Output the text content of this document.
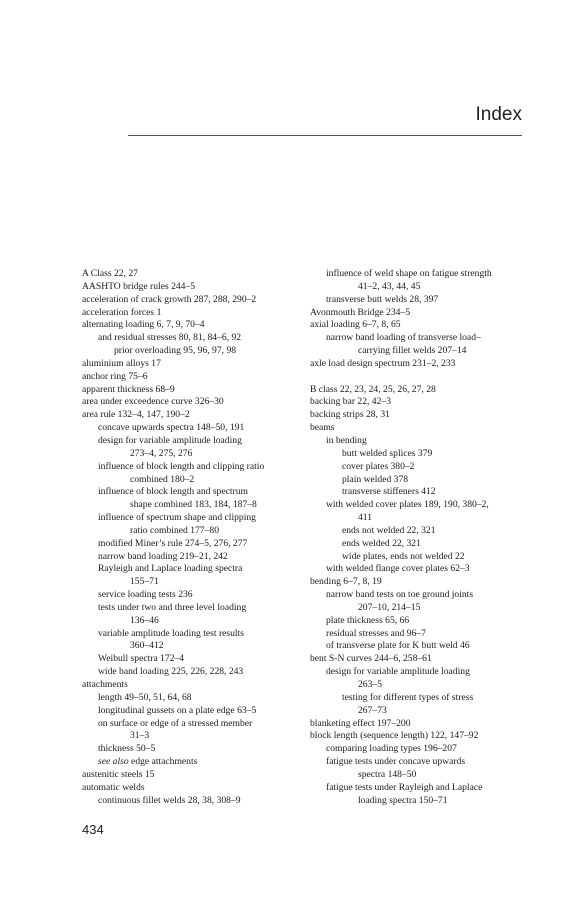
Index
A Class 22, 27
AASHTO bridge rules 244–5
acceleration of crack growth 287, 288, 290–2
acceleration forces 1
alternating loading 6, 7, 9, 70–4
and residual stresses 80, 81, 84–6, 92
prior overloading 95, 96, 97, 98
aluminium alloys 17
anchor ring 75–6
apparent thickness 68–9
area under exceedence curve 326–30
area rule 132–4, 147, 190–2
concave upwards spectra 148–50, 191
design for variable amplitude loading
273–4, 275, 276
influence of block length and clipping ratio
combined 180–2
influence of block length and spectrum
shape combined 183, 184, 187–8
influence of spectrum shape and clipping
ratio combined 177–80
modified Miner’s rule 274–5, 276, 277
narrow band loading 219–21, 242
Rayleigh and Laplace loading spectra
155–71
service loading tests 236
tests under two and three level loading
136–46
variable amplitude loading test results
360–412
Weibull spectra 172–4
wide band loading 225, 226, 228, 243
attachments
length 49–50, 51, 64, 68
longitudinal gussets on a plate edge 63–5
on surface or edge of a stressed member
31–3
thickness 50–5
see also edge attachments
austenitic steels 15
automatic welds
continuous fillet welds 28, 38, 308–9
influence of weld shape on fatigue strength
41–2, 43, 44, 45
transverse butt welds 28, 397
Avonmouth Bridge 234–5
axial loading 6–7, 8, 65
narrow band loading of transverse load–
carrying fillet welds 207–14
axle load design spectrum 231–2, 233
B class 22, 23, 24, 25, 26, 27, 28
backing bar 22, 42–3
backing strips 28, 31
beams
in bending
butt welded splices 379
cover plates 380–2
plain welded 378
transverse stiffeners 412
with welded cover plates 189, 190, 380–2,
411
ends not welded 22, 321
ends welded 22, 321
wide plates, ends not welded 22
with welded flange cover plates 62–3
bending 6–7, 8, 19
narrow band tests on toe ground joints
207–10, 214–15
plate thickness 65, 66
residual stresses and 96–7
of transverse plate for K butt weld 46
bent S-N curves 244–6, 258–61
design for variable amplitude loading
263–5
testing for different types of stress
267–73
blanketing effect 197–200
block length (sequence length) 122, 147–92
comparing loading types 196–207
fatigue tests under concave upwards
spectra 148–50
fatigue tests under Rayleigh and Laplace
loading spectra 150–71
434
